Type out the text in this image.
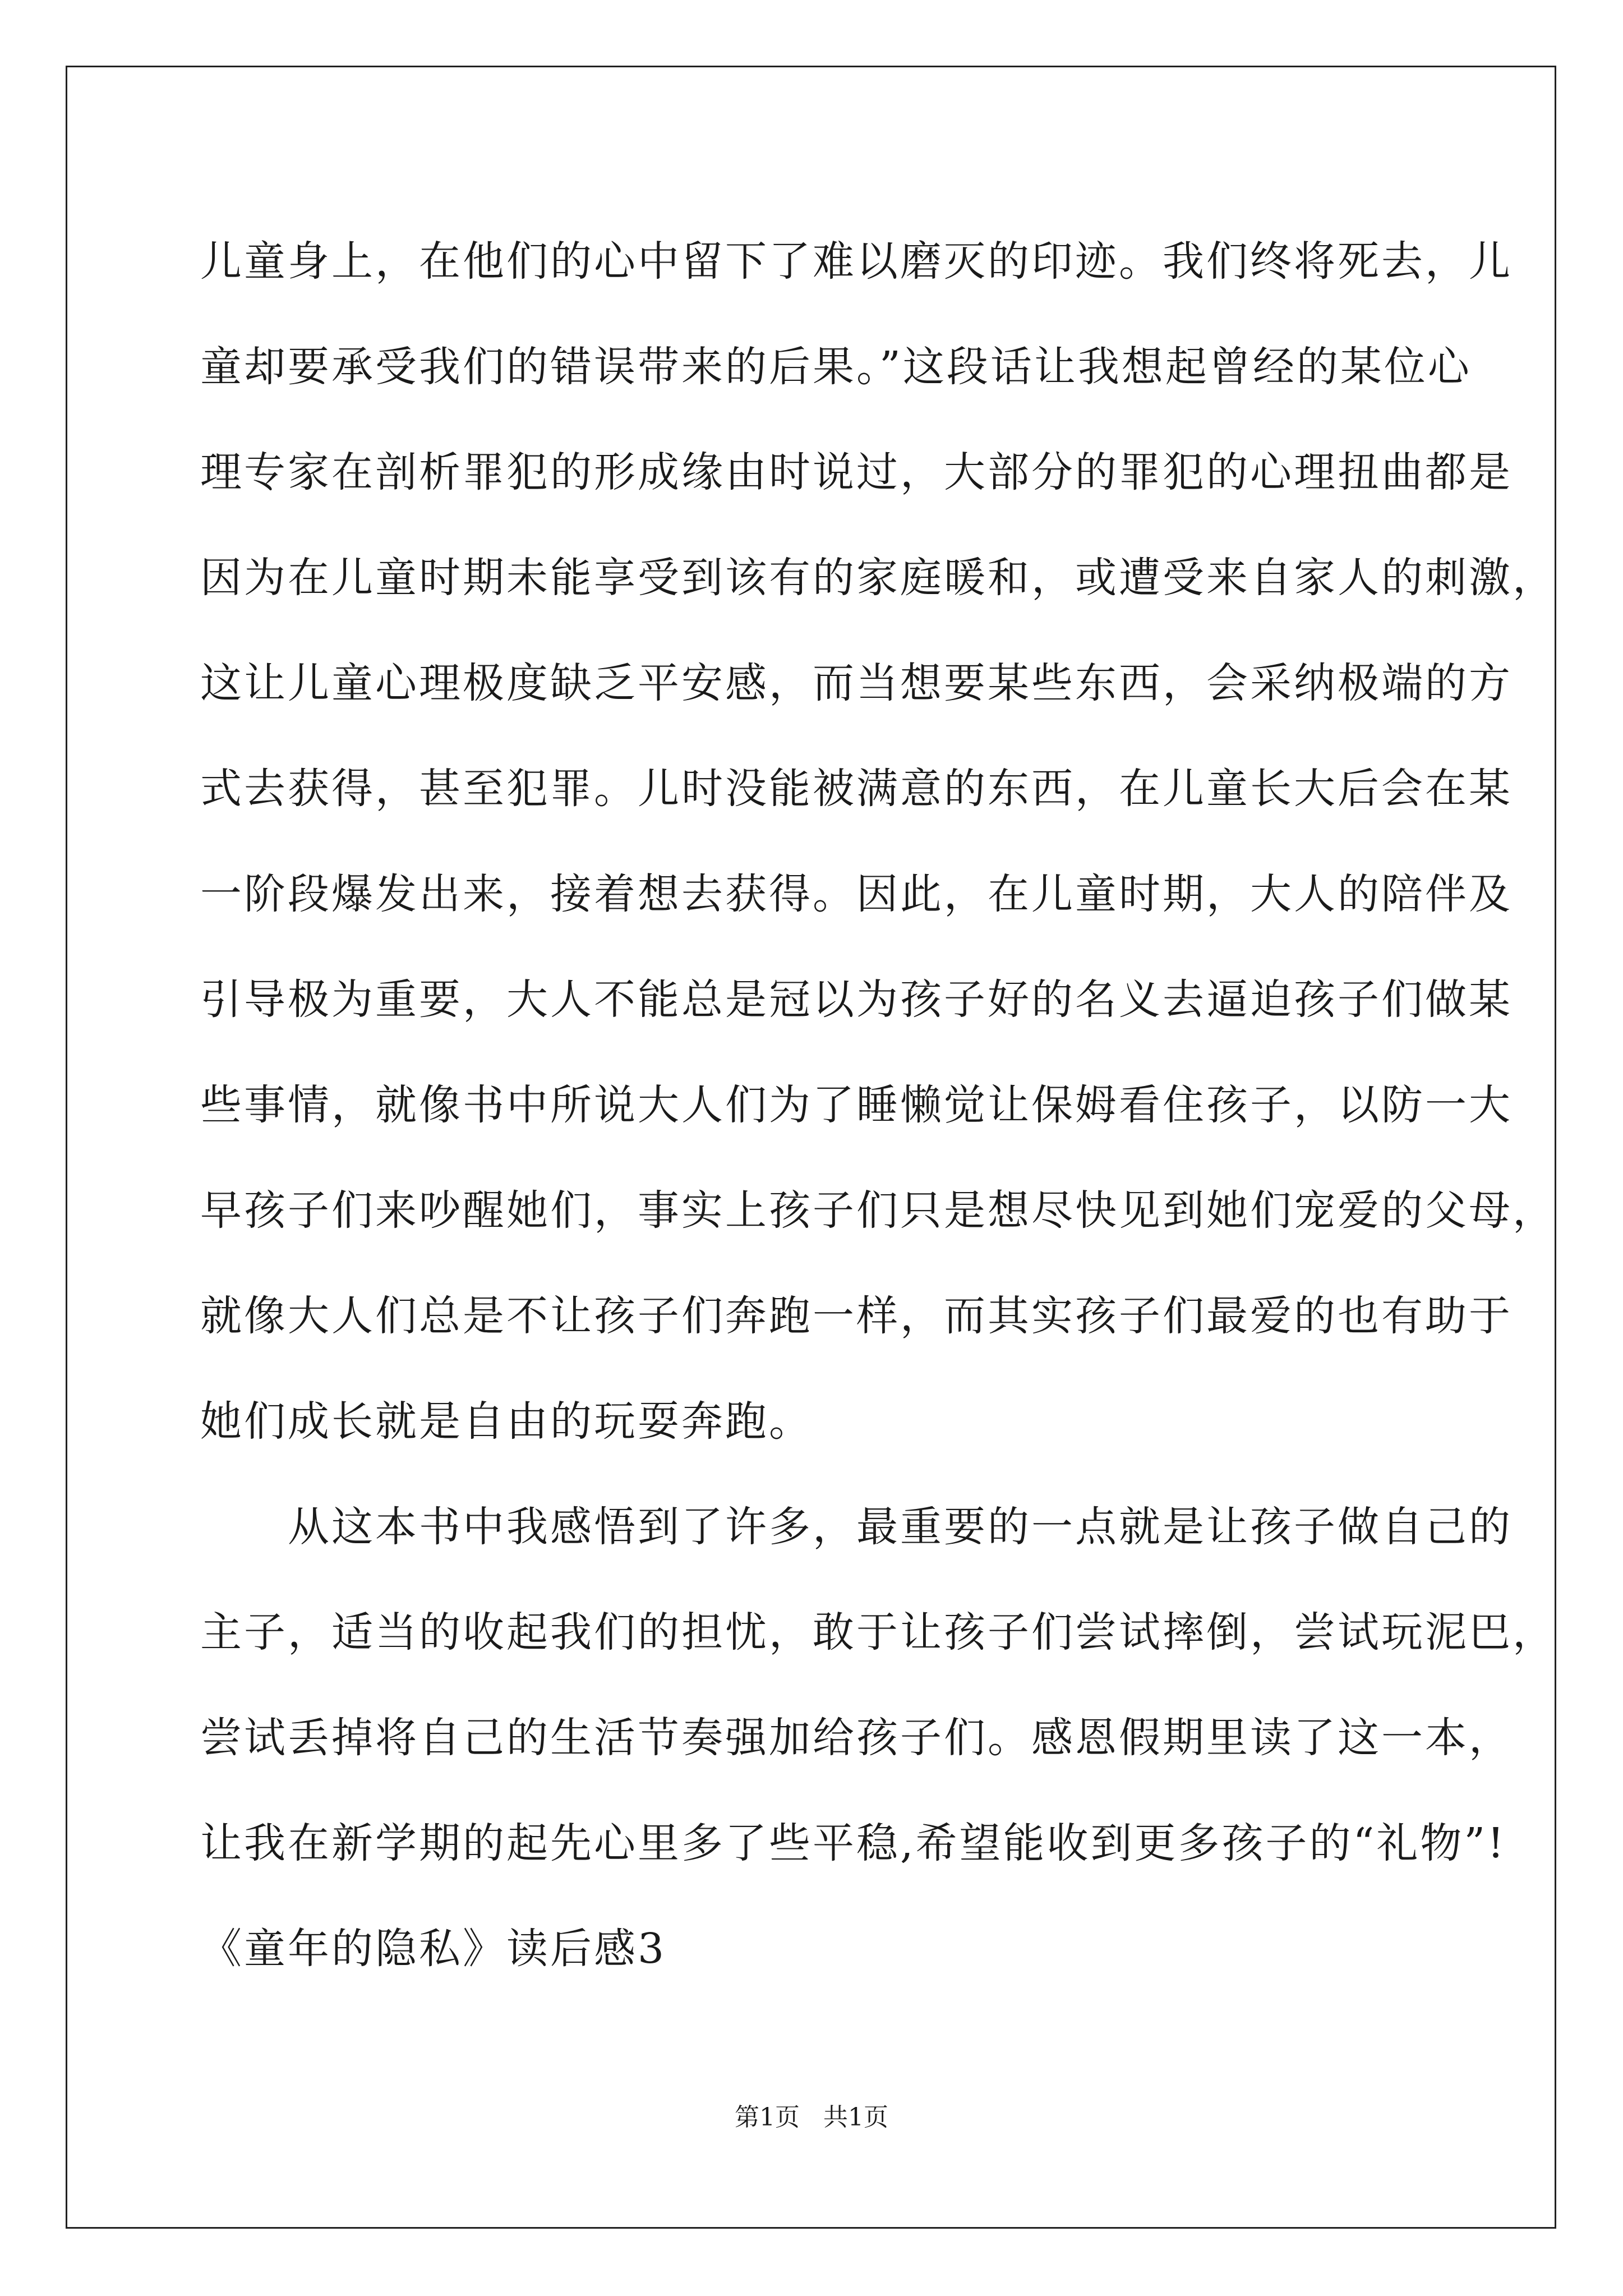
儿童身上，在他们的心中留下了难以磨灭的印迹。我们终将死去，儿
童却要承受我们的错误带来的后果。”这段话让我想起曾经的某位心
理专家在剖析罪犯的形成缘由时说过，大部分的罪犯的心理扭曲都是
因为在儿童时期未能享受到该有的家庭暖和，或遭受来自家人的刺激，
这让儿童心理极度缺乏平安感，而当想要某些东西，会采纳极端的方
式去获得，甚至犯罪。儿时没能被满意的东西，在儿童长大后会在某
一阶段爆发出来，接着想去获得。因此，在儿童时期，大人的陪伴及
引导极为重要，大人不能总是冠以为孩子好的名义去逼迫孩子们做某
些事情，就像书中所说大人们为了睡懒觉让保姆看住孩子，以防一大
早孩子们来吵醒她们，事实上孩子们只是想尽快见到她们宠爱的父母，
就像大人们总是不让孩子们奔跑一样，而其实孩子们最爱的也有助于
她们成长就是自由的玩耍奔跑。
　　从这本书中我感悟到了许多，最重要的一点就是让孩子做自己的
主子，适当的收起我们的担忧，敢于让孩子们尝试摔倒，尝试玩泥巴，
尝试丢掉将自己的生活节奏强加给孩子们。感恩假期里读了这一本，
让我在新学期的起先心里多了些平稳,希望能收到更多孩子的“礼物”!
《童年的隐私》读后感3
第1页 共1页
